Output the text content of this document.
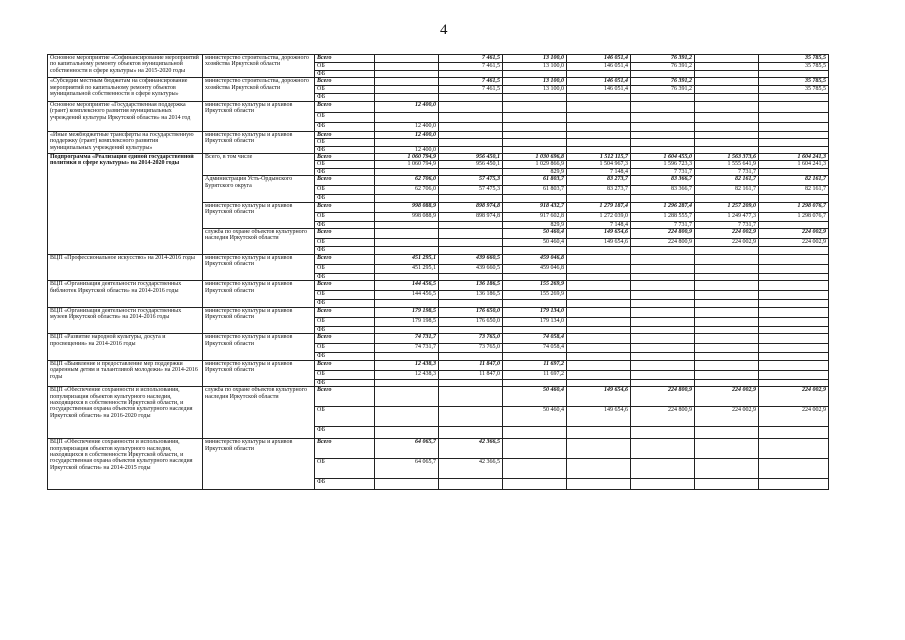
4
Основное мероприятие «Софинансирование мероприятий по капитальному ремонту объектов муниципальной собственности в сфере культуры» на 2015-2020 годы	министерство строительства, дорожного хозяйства Иркутской области	Всего		7 461,5	13 100,0	146 051,4	76 391,2		35 785,5
		ОБ		7 461,5	13 100,0	146 051,4	76 391,2		35 785,5
		ФБ							
«Субсидии местным бюджетам на софинансирование мероприятий по капитальному ремонту объектов муниципальной собственности в сфере культуры»	министерство строительства, дорожного хозяйства Иркутской области	Всего		7 461,5	13 100,0	146 051,4	76 391,2		35 785,5
		ОБ		7 461,5	13 100,0	146 051,4	76 391,2		35 785,5
		ФБ							
Основное мероприятие «Государственная поддержка (грант) комплексного развития муниципальных учреждений культуры Иркутской области» на 2014 год	министерство культуры и архивов Иркутской области	Всего	12 400,0						
		ОБ							
		ФБ	12 400,0						
«Иные межбюджетные трансферты на государственную поддержку (грант) комплексного развития муниципальных учреждений культуры»	министерство культуры и архивов Иркутской области	Всего	12 400,0						
		ОБ							
		ФБ	12 400,0						
Подпрограмма «Реализация единой государственной политики в сфере культуры» на 2014-2020 годы	Всего, в том числе	Всего	1 060 794,9	956 450,1	1 030 696,8	1 512 115,7	1 604 455,0	1 563 373,6	1 604 241,3
		ОБ	1 060 794,9	956 450,1	1 029 866,9	1 504 967,3	1 596 723,3	1 555 641,9	1 604 241,3
		ФБ			829,9	7 148,4	7 731,7	7 731,7	
	Администрация Усть-Ордынского Бурятского округа	Всего	62 706,0	57 475,3	61 803,7	83 273,7	83 366,7	82 161,7	82 161,7
		ОБ	62 706,0	57 475,3	61 803,7	83 273,7	83 366,7	82 161,7	82 161,7
		ФБ							
	министерство культуры и архивов Иркутской области	Всего	998 088,9	898 974,8	918 432,7	1 279 187,4	1 296 287,4	1 257 209,0	1 298 076,7
		ОБ	998 088,9	898 974,8	917 602,8	1 272 039,0	1 288 555,7	1 249 477,3	1 298 076,7
		ФБ			829,9	7 148,4	7 731,7	7 731,7	
	служба по охране объектов культурного наследия Иркутской области	Всего			50 460,4	149 654,6	224 800,9	224 002,9	224 002,9
		ОБ			50 460,4	149 654,6	224 800,9	224 002,9	224 002,9
		ФБ							
ВЦП «Профессиональное искусство» на 2014-2016 годы	министерство культуры и архивов Иркутской области	Всего	451 295,1	439 660,5	459 046,8				
		ОБ	451 295,1	439 660,5	459 046,8				
		ФБ							
ВЦП «Организация деятельности государственных библиотек Иркутской области» на 2014-2016 годы	министерство культуры и архивов Иркутской области	Всего	144 456,5	136 186,5	155 269,9				
		ОБ	144 456,5	136 186,5	155 269,9				
		ФБ							
ВЦП «Организация деятельности государственных музеев Иркутской области» на 2014-2016 годы	министерство культуры и архивов Иркутской области	Всего	179 198,5	176 650,0	179 134,0				
		ОБ	179 198,5	176 650,0	179 134,0				
		ФБ							
ВЦП «Развитие народной культуры, досуга и просвещения» на 2014-2016 годы	министерство культуры и архивов Иркутской области	Всего	74 731,7	73 765,0	74 058,4				
		ОБ	74 731,7	73 765,0	74 058,4				
		ФБ							
ВЦП «Выявление и предоставление мер поддержки одаренным детям и талантливой молодежи» на 2014-2016 годы	министерство культуры и архивов Иркутской области	Всего	12 438,3	11 847,0	11 697,2				
		ОБ	12 438,3	11 847,0	11 697,2				
		ФБ							
ВЦП «Обеспечение сохранности и использования, популяризация объектов культурного наследия, находящихся в собственности Иркутской области, и государственная охрана объектов культурного наследия Иркутской области» на 2016-2020 годы	служба по охране объектов культурного наследия Иркутской области	Всего			50 460,4	149 654,6	224 800,9	224 002,9	224 002,9
		ОБ			50 460,4	149 654,6	224 800,9	224 002,9	224 002,9
		ФБ							
ВЦП «Обеспечение сохранности и использования, популяризация объектов культурного наследия, находящихся в собственности Иркутской области, и государственная охрана объектов культурного наследия Иркутской области» на 2014-2015 годы	министерство культуры и архивов Иркутской области	Всего	64 065,7	42 366,5					
		ОБ	64 065,7	42 366,5					
		ФБ							
